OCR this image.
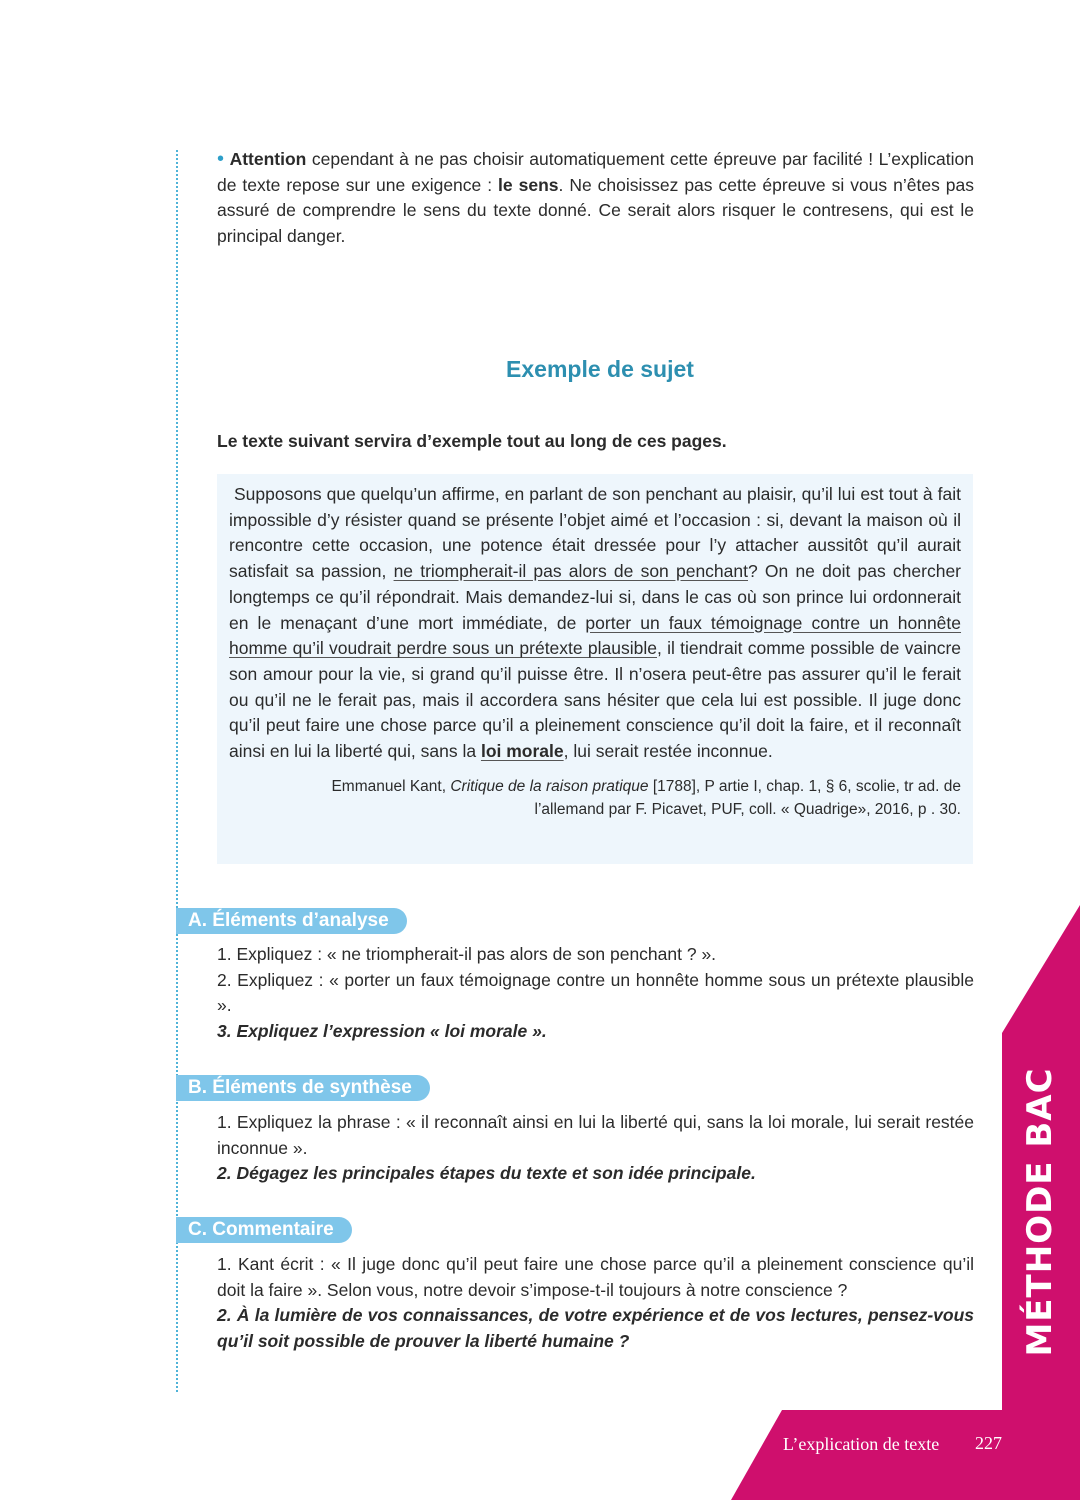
• Attention cependant à ne pas choisir automatiquement cette épreuve par facilité ! L’explication de texte repose sur une exigence : le sens. Ne choisissez pas cette épreuve si vous n’êtes pas assuré de comprendre le sens du texte donné. Ce serait alors risquer le contresens, qui est le principal danger.

Exemple de sujet

Le texte suivant servira d’exemple tout au long de ces pages.

Supposons que quelqu’un affirme, en parlant de son penchant au plaisir, qu’il lui est tout à fait impossible d’y résister quand se présente l’objet aimé et l’occasion : si, devant la maison où il rencontre cette occasion, une potence était dressée pour l’y attacher aussitôt qu’il aurait satisfait sa passion, ne triompherait-il pas alors de son penchant? On ne doit pas chercher longtemps ce qu’il répondrait. Mais demandez-lui si, dans le cas où son prince lui ordonnerait en le menaçant d’une mort immédiate, de porter un faux témoignage contre un honnête homme qu’il voudrait perdre sous un prétexte plausible, il tiendrait comme possible de vaincre son amour pour la vie, si grand qu’il puisse être. Il n’osera peut-être pas assurer qu’il le ferait ou qu’il ne le ferait pas, mais il accordera sans hésiter que cela lui est possible. Il juge donc qu’il peut faire une chose parce qu’il a pleinement conscience qu’il doit la faire, et il reconnaît ainsi en lui la liberté qui, sans la loi morale, lui serait restée inconnue.

Emmanuel Kant, Critique de la raison pratique [1788], P artie I, chap. 1, § 6, scolie, tr ad. de
l’allemand par F. Picavet, PUF, coll. « Quadrige», 2016, p . 30.

A. Éléments d’analyse

1. Expliquez : « ne triompherait-il pas alors de son penchant ? ».

2. Expliquez : « porter un faux témoignage contre un honnête homme sous un prétexte plausible ».

3. Expliquez l’expression « loi morale ».

B. Éléments de synthèse

1. Expliquez la phrase : « il reconnaît ainsi en lui la liberté qui, sans la loi morale, lui serait restée inconnue ».

2. Dégagez les principales étapes du texte et son idée principale.

C. Commentaire

1. Kant écrit : « Il juge donc qu’il peut faire une chose parce qu’il a pleinement conscience qu’il doit la faire ». Selon vous, notre devoir s’impose-t-il toujours à notre conscience ?

2. À la lumière de vos connaissances, de votre expérience et de vos lectures, pensez-vous qu’il soit possible de prouver la liberté humaine ?	MÉTHODE BAC
L’explication de texte 227
